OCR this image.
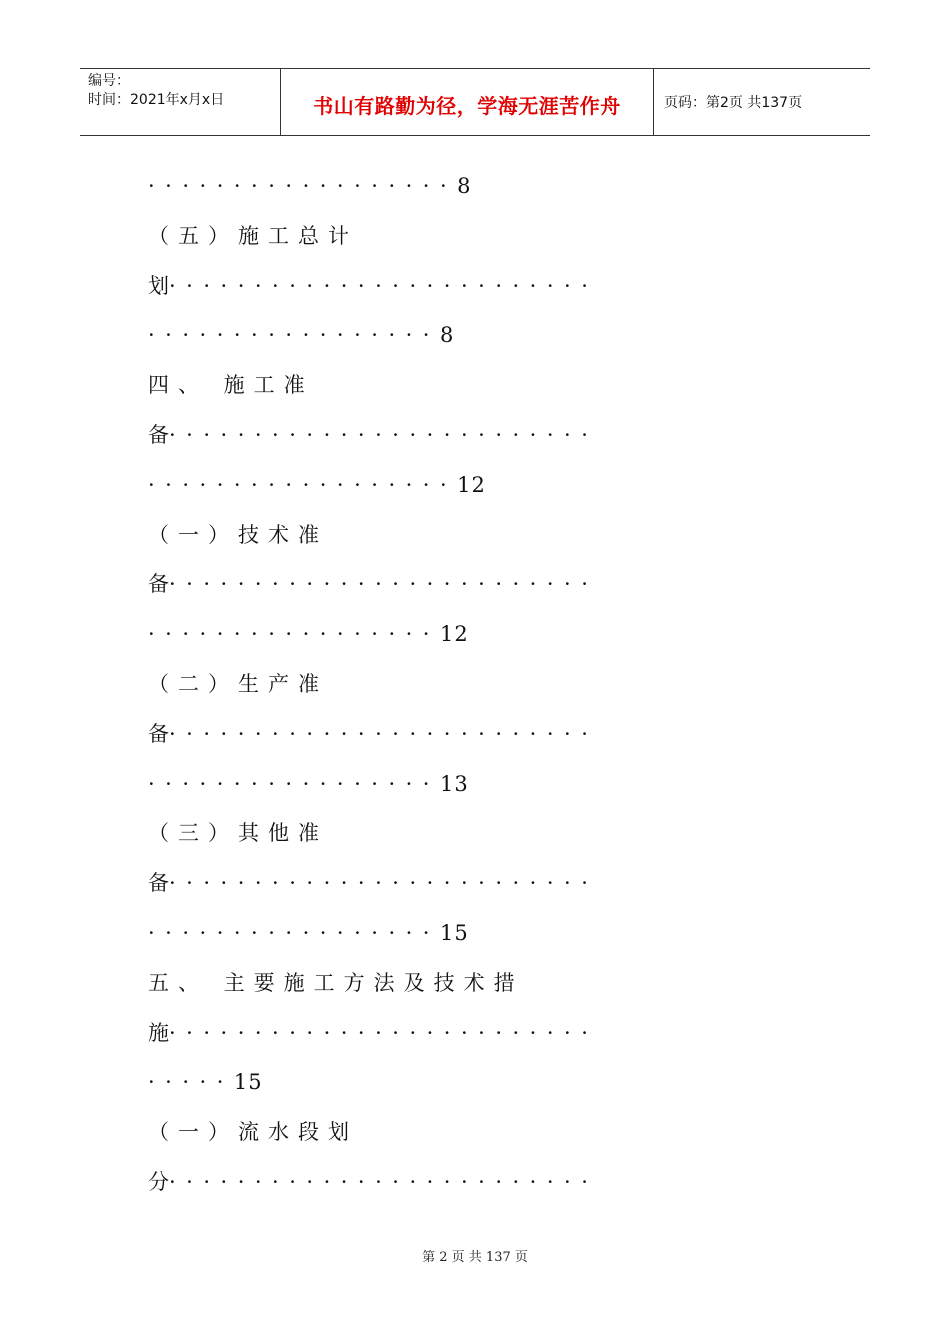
编号：
时间：2021年x月x日	书山有路勤为径，学海无涯苦作舟	页码：第2页 共137页
··················8
（五）施工总计
划·························
·················8
四、 施工准
备·························
··················12
（一）技术准
备·························
·················12
（二）生产准
备·························
·················13
（三）其他准
备·························
·················15
五、 主要施工方法及技术措
施·························
·····15
（一）流水段划
分·························
第 2 页 共 137 页
